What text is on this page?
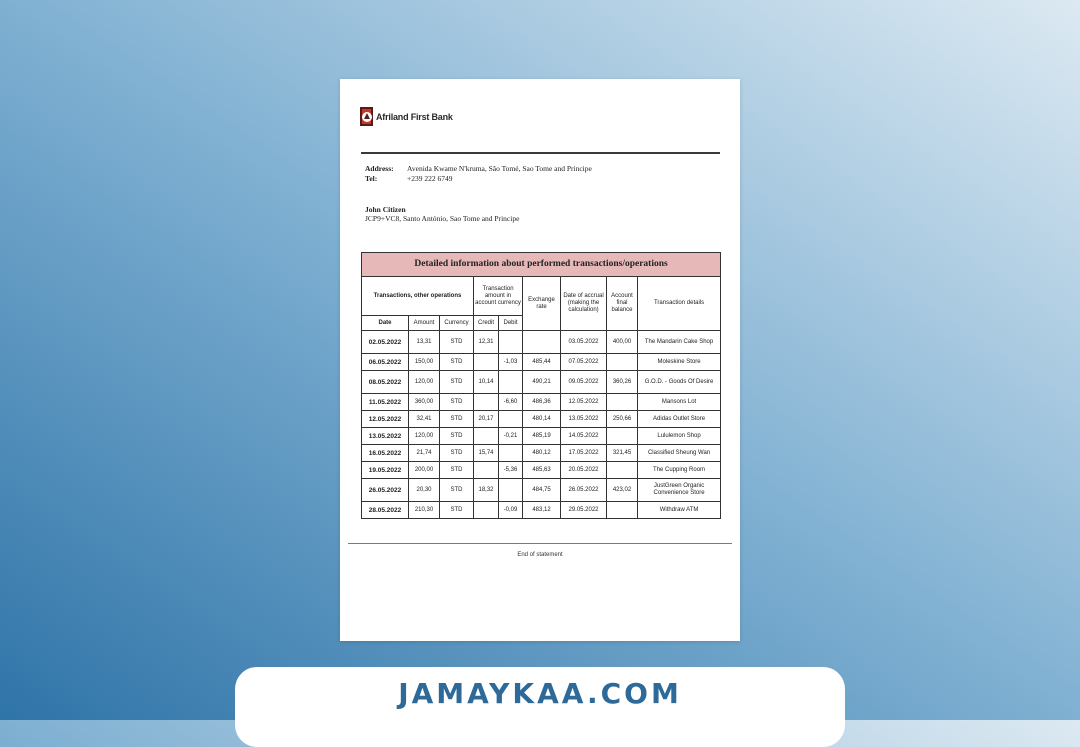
Afriland First Bank
Address: Avenida Kwame N'krumа, São Tomé, Sao Tome and Principe
Tel:	+239 222 6749
John Citizen
JCP9+VC8, Santo António, Sao Tome and Principe
Detailed information about performed transactions/operations								
Transactions, other operations			Transaction amount in account currency		Exchange rate	Date of accrual (making the calculation)	Account final balance	Transaction details
Date	Amount	Currency	Credit	Debit				
02.05.2022	13,31	STD	12,31			03.05.2022	400,00	The Mandarin Cake Shop
06.05.2022	150,00	STD		-1,03	485,44	07.05.2022		Moleskine Store
08.05.2022	120,00	STD	10,14		490,21	09.05.2022	360,26	G.O.D. - Goods Of Desire
11.05.2022	360,00	STD		-6,60	486,36	12.05.2022		Mansons Lot
12.05.2022	32,41	STD	20,17		480,14	13.05.2022	250,66	Adidas Outlet Store
13.05.2022	120,00	STD		-0,21	485,19	14.05.2022		Lululemon Shop
16.05.2022	21,74	STD	15,74		480,12	17.05.2022	321,45	Classified Sheung Wan
19.05.2022	200,00	STD		-5,36	485,63	20.05.2022		The Cupping Room
26.05.2022	20,30	STD	18,32		484,75	26.05.2022	423,02	JustGreen Organic Convenience Store
28.05.2022	210,30	STD		-0,09	483,12	29.05.2022		Withdraw ATM
End of statement
JAMAYKAA.COM
